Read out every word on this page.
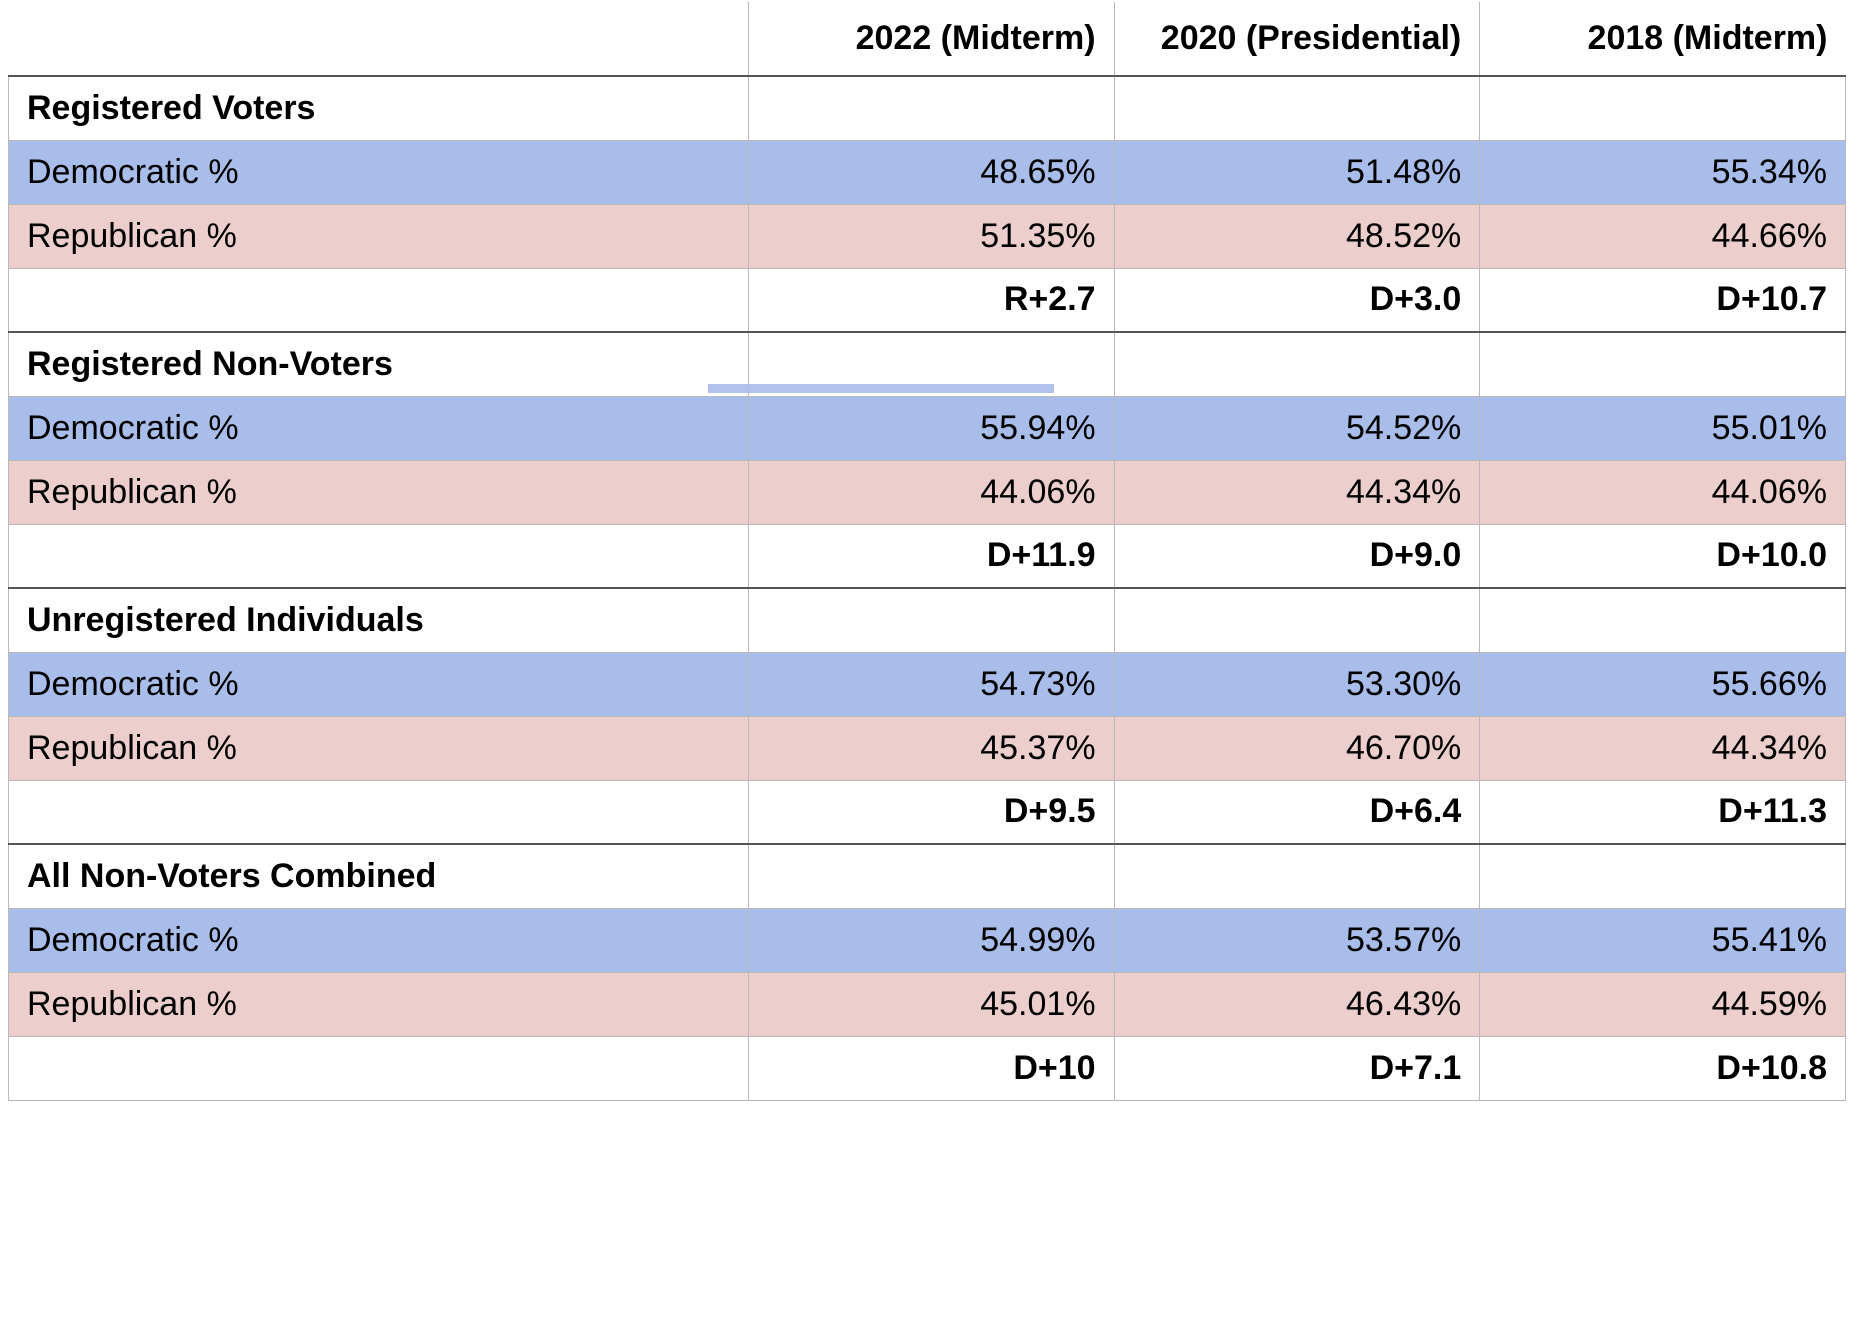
	2022 (Midterm)	2020 (Presidential)	2018 (Midterm)
Registered Voters			
Democratic %	48.65%	51.48%	55.34%
Republican %	51.35%	48.52%	44.66%
	R+2.7	D+3.0	D+10.7
Registered Non-Voters			
Democratic %	55.94%	54.52%	55.01%
Republican %	44.06%	44.34%	44.06%
	D+11.9	D+9.0	D+10.0
Unregistered Individuals			
Democratic %	54.73%	53.30%	55.66%
Republican %	45.37%	46.70%	44.34%
	D+9.5	D+6.4	D+11.3
All Non-Voters Combined			
Democratic %	54.99%	53.57%	55.41%
Republican %	45.01%	46.43%	44.59%
	D+10	D+7.1	D+10.8
